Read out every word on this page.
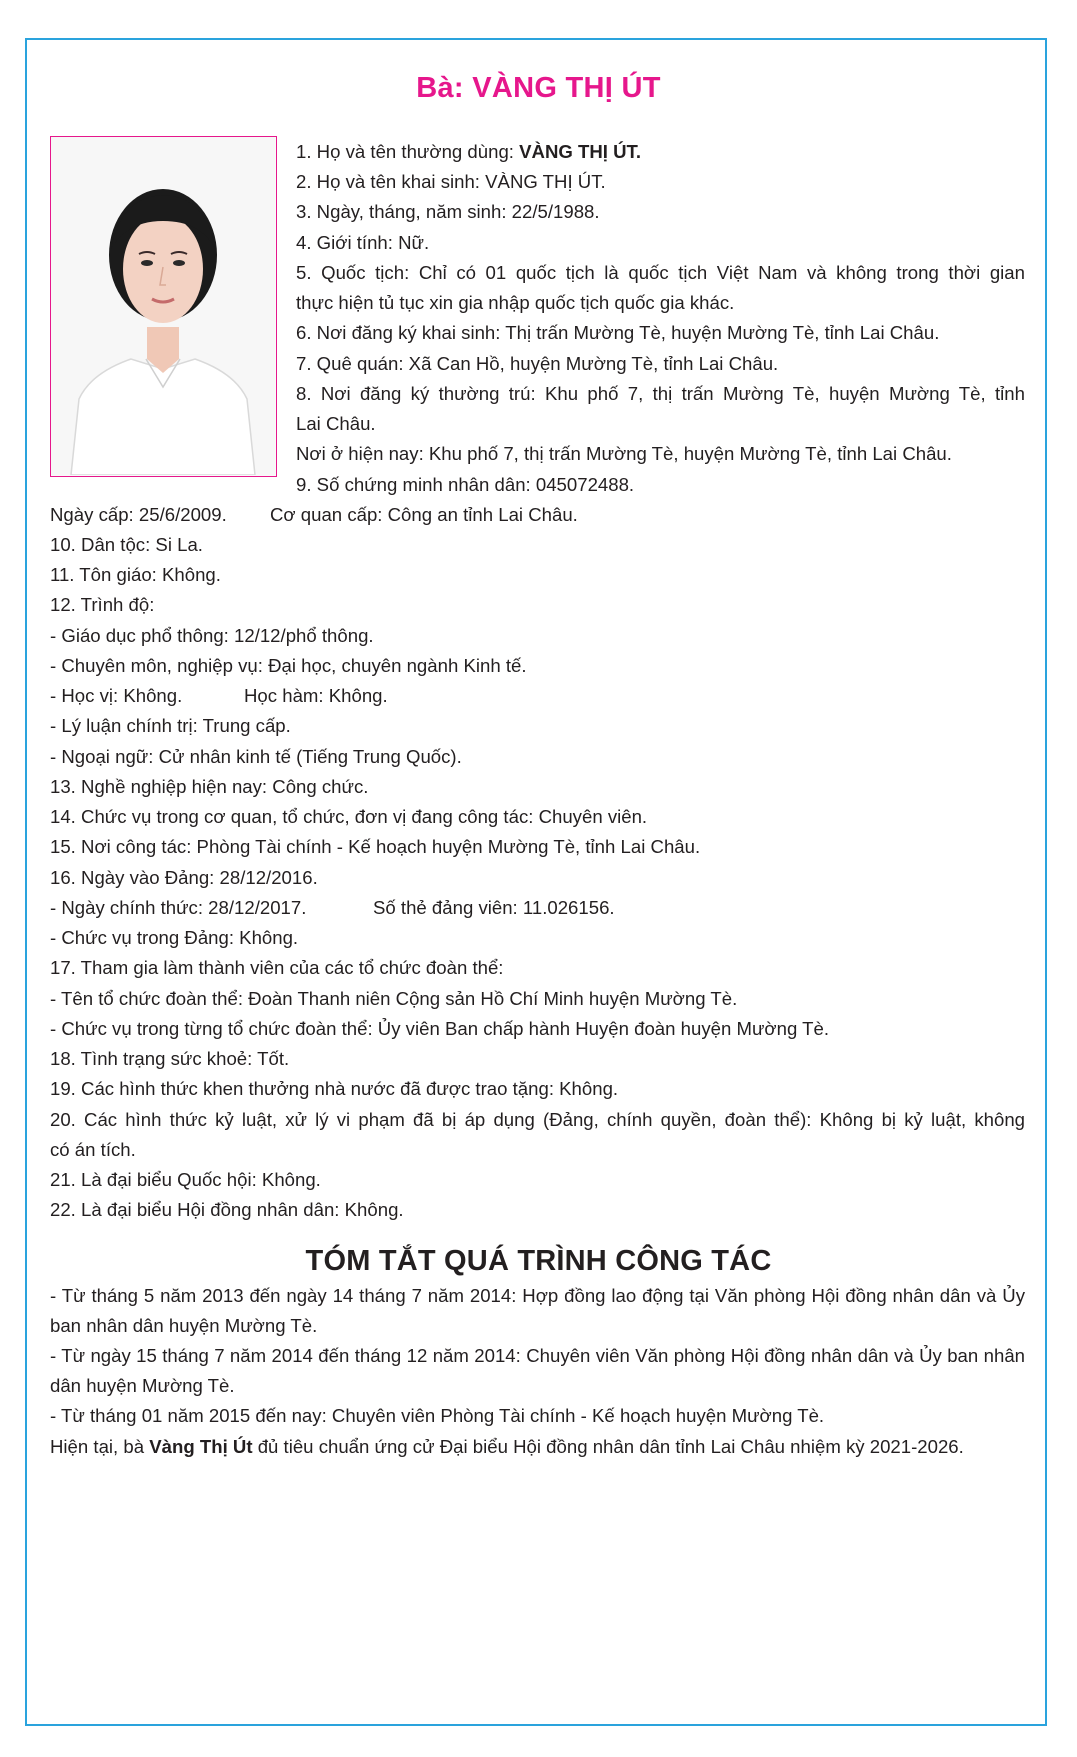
Bà: VÀNG THỊ ÚT
1. Họ và tên thường dùng: VÀNG THỊ ÚT.
2. Họ và tên khai sinh: VÀNG THỊ ÚT.
3. Ngày, tháng, năm sinh: 22/5/1988.
4. Giới tính: Nữ.
5. Quốc tịch: Chỉ có 01 quốc tịch là quốc tịch Việt Nam và không trong thời gian
thực hiện tủ tục xin gia nhập quốc tịch quốc gia khác.
6. Nơi đăng ký khai sinh: Thị trấn Mường Tè, huyện Mường Tè, tỉnh Lai Châu.
7. Quê quán: Xã Can Hồ, huyện Mường Tè, tỉnh Lai Châu.
8. Nơi đăng ký thường trú: Khu phố 7, thị trấn Mường Tè, huyện Mường Tè, tỉnh
Lai Châu.
Nơi ở hiện nay: Khu phố 7, thị trấn Mường Tè, huyện Mường Tè, tỉnh Lai Châu.
9. Số chứng minh nhân dân: 045072488.
Ngày cấp: 25/6/2009. Cơ quan cấp: Công an tỉnh Lai Châu.
10. Dân tộc: Si La.
11. Tôn giáo: Không.
12. Trình độ:
- Giáo dục phổ thông: 12/12/phổ thông.
- Chuyên môn, nghiệp vụ: Đại học, chuyên ngành Kinh tế.
- Học vị: Không.	Học hàm: Không.
- Lý luận chính trị: Trung cấp.
- Ngoại ngữ: Cử nhân kinh tế (Tiếng Trung Quốc).
13. Nghề nghiệp hiện nay: Công chức.
14. Chức vụ trong cơ quan, tổ chức, đơn vị đang công tác: Chuyên viên.
15. Nơi công tác: Phòng Tài chính - Kế hoạch huyện Mường Tè, tỉnh Lai Châu.
16. Ngày vào Đảng: 28/12/2016.
- Ngày chính thức: 28/12/2017.	Số thẻ đảng viên: 11.026156.
- Chức vụ trong Đảng: Không.
17. Tham gia làm thành viên của các tổ chức đoàn thể:
- Tên tổ chức đoàn thể: Đoàn Thanh niên Cộng sản Hồ Chí Minh huyện Mường Tè.
- Chức vụ trong từng tổ chức đoàn thể: Ủy viên Ban chấp hành Huyện đoàn huyện Mường Tè.
18. Tình trạng sức khoẻ: Tốt.
19. Các hình thức khen thưởng nhà nước đã được trao tặng: Không.
20. Các hình thức kỷ luật, xử lý vi phạm đã bị áp dụng (Đảng, chính quyền, đoàn thể): Không bị kỷ luật, không
có án tích.
21. Là đại biểu Quốc hội: Không.
22. Là đại biểu Hội đồng nhân dân: Không.
TÓM TẮT QUÁ TRÌNH CÔNG TÁC
- Từ tháng 5 năm 2013 đến ngày 14 tháng 7 năm 2014: Hợp đồng lao động tại Văn phòng Hội đồng nhân dân và Ủy
ban nhân dân huyện Mường Tè.
- Từ ngày 15 tháng 7 năm 2014 đến tháng 12 năm 2014: Chuyên viên Văn phòng Hội đồng nhân dân và Ủy ban nhân
dân huyện Mường Tè.
- Từ tháng 01 năm 2015 đến nay: Chuyên viên Phòng Tài chính - Kế hoạch huyện Mường Tè.
Hiện tại, bà Vàng Thị Út đủ tiêu chuẩn ứng cử Đại biểu Hội đồng nhân dân tỉnh Lai Châu nhiệm kỳ 2021-2026.
